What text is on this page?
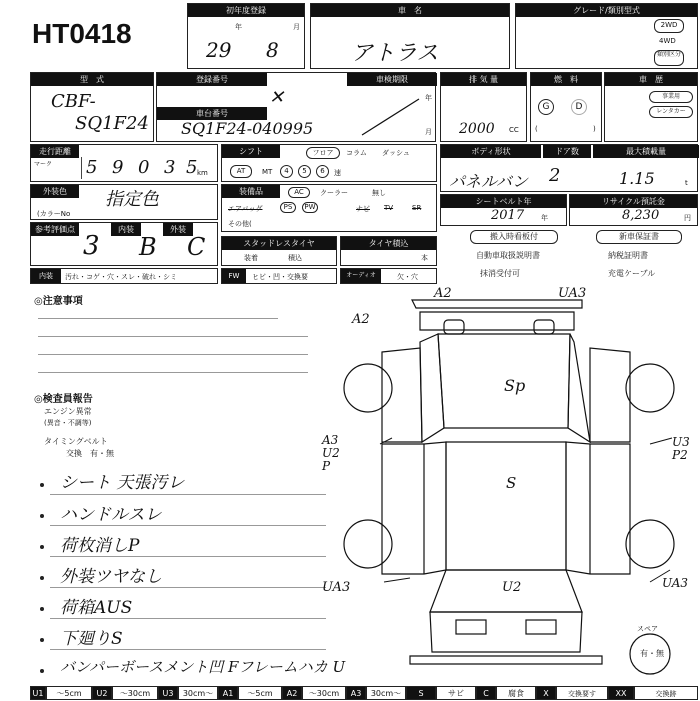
HT0418
初年度登録
年	月
29 8
車　名
アトラス
グレード/類別型式
2WD
4WD
類別区分
型　式
CBF-
SQ1F24
登録番号	車検期限
車台番号
✕
SQ1F24-040995
年
月
排 気 量
2000 CC
燃　料
G	D
(	)
車　歴
事業用
レンタカー
走行距離
マーク 5 9 0 3 5 km
シフト	フロア	コラム ダッシュ
AT	MT	4	5	6	速
ボディ形状	ドア数	最大積載量
パネルバン 2	1.15	t
外装色	指定色
(カラーNo
装備品	AC	クーラー	無し
エアバッグ	PS	PW	ナビ TV	SR
その他(
シートベルト年
2017 年
リサイクル預託金
8,230	円
参考評価点	内装	外装
3 B C	スタッドレスタイヤ
装着	積込
タイヤ積込
本
搬入時看板付	新車保証書
自動車取扱説明書	納税証明書
抹消受付可	充電ケーブル
内装	汚れ・コゲ・穴・スレ・破れ・シミ	FW	ヒビ・凹・交換要	オーディオ	欠・穴
◎注意事項
◎検査員報告
エンジン異常
(異音・不調等)
タイミングベルト
交換　有・無
シート 天張汚レ
ハンドルスレ
荷枚消しP
外装ツヤなし
荷箱AUS
下廻りS
バンパーボースメント凹 Fフレームハカ U
A2	UA3
A2
Sp
A3 U2 P
U3 P2
S
UA3	U2	UA3
スペア
有・無
U1	～5cm	U2	～30cm	U3	30cm～	A1	～5cm	A2	～30cm	A3	30cm～	S	サビ	C	腐食	X	交換要す	XX	交換跡
